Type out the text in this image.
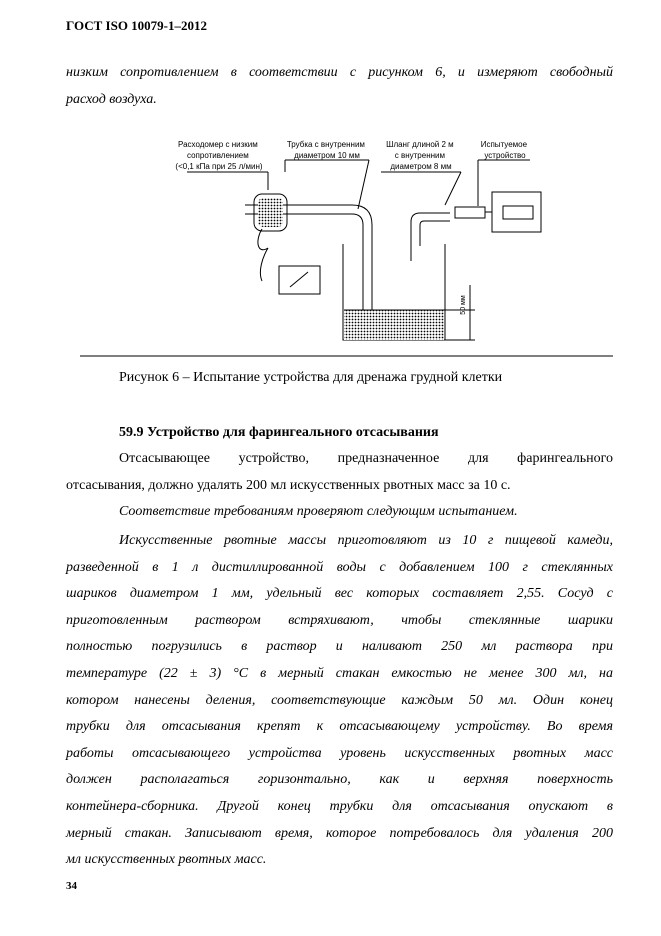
ГОСТ ISO 10079-1–2012
низким сопротивлением в соответствии с рисунком 6, и измеряют свободный
расход воздуха.
Расходомер с низким сопротивлением (<0,1 кПа при 25 л/мин)
Трубка с внутренним диаметром 10 мм
Шланг длиной 2 м с внутренним диаметром 8 мм
Испытуемое устройство
50 мм
Рисунок 6 – Испытание устройства для дренажа грудной клетки
59.9 Устройство для фарингеального отсасывания
Отсасывающее устройство, предназначенное для фарингеального
отсасывания, должно удалять 200 мл искусственных рвотных масс за 10 с.
Соответствие требованиям проверяют следующим испытанием.
Искусственные рвотные массы приготовляют из 10 г пищевой камеди,
разведенной в 1 л дистиллированной воды с добавлением 100 г стеклянных
шариков диаметром 1 мм, удельный вес которых составляет 2,55. Сосуд с
приготовленным раствором встряхивают, чтобы стеклянные шарики
полностью погрузились в раствор и наливают 250 мл раствора при
температуре (22 ± 3) °С в мерный стакан емкостью не менее 300 мл, на
котором нанесены деления, соответствующие каждым 50 мл. Один конец
трубки для отсасывания крепят к отсасывающему устройству. Во время
работы отсасывающего устройства уровень искусственных рвотных масс
должен располагаться горизонтально, как и верхняя поверхность
контейнера-сборника. Другой конец трубки для отсасывания опускают в
мерный стакан. Записывают время, которое потребовалось для удаления 200
мл искусственных рвотных масс.
34
